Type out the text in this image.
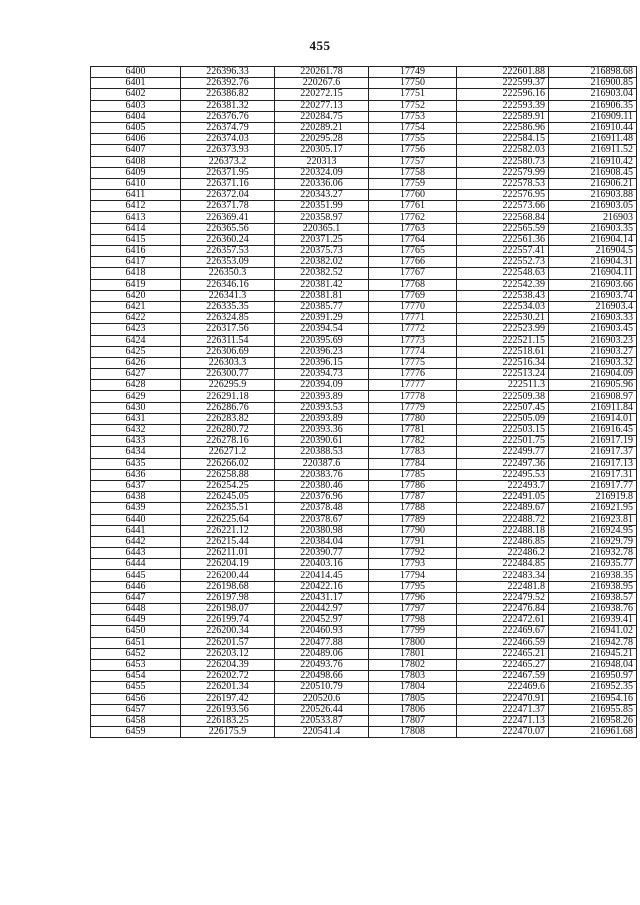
455
6400	226396.33	220261.78	17749	222601.88	216898.68
6401	226392.76	220267.6	17750	222599.37	216900.85
6402	226386.82	220272.15	17751	222596.16	216903.04
6403	226381.32	220277.13	17752	222593.39	216906.35
6404	226376.76	220284.75	17753	222589.91	216909.11
6405	226374.79	220289.21	17754	222586.96	216910.44
6406	226374.03	220295.28	17755	222584.15	216911.48
6407	226373.93	220305.17	17756	222582.03	216911.52
6408	226373.2	220313	17757	222580.73	216910.42
6409	226371.95	220324.09	17758	222579.99	216908.45
6410	226371.16	220336.06	17759	222578.53	216906.21
6411	226372.04	220343.27	17760	222576.95	216903.88
6412	226371.78	220351.99	17761	222573.66	216903.05
6413	226369.41	220358.97	17762	222568.84	216903
6414	226365.56	220365.1	17763	222565.59	216903.35
6415	226360.24	220371.25	17764	222561.36	216904.14
6416	226357.53	220375.73	17765	222557.41	216904.5
6417	226353.09	220382.02	17766	222552.73	216904.31
6418	226350.3	220382.52	17767	222548.63	216904.11
6419	226346.16	220381.42	17768	222542.39	216903.66
6420	226341.3	220381.81	17769	222538.43	216903.74
6421	226335.35	220385.77	17770	222534.03	216903.4
6422	226324.85	220391.29	17771	222530.21	216903.33
6423	226317.56	220394.54	17772	222523.99	216903.45
6424	226311.54	220395.69	17773	222521.15	216903.23
6425	226306.69	220396.23	17774	222518.61	216903.27
6426	226303.3	220396.15	17775	222516.34	216903.32
6427	226300.77	220394.73	17776	222513.24	216904.09
6428	226295.9	220394.09	17777	222511.3	216905.96
6429	226291.18	220393.89	17778	222509.38	216908.97
6430	226286.76	220393.53	17779	222507.45	216911.84
6431	226283.82	220393.89	17780	222505.09	216914.01
6432	226280.72	220393.36	17781	222503.15	216916.45
6433	226278.16	220390.61	17782	222501.75	216917.19
6434	226271.2	220388.53	17783	222499.77	216917.37
6435	226266.02	220387.6	17784	222497.36	216917.13
6436	226258.88	220383.76	17785	222495.53	216917.31
6437	226254.25	220380.46	17786	222493.7	216917.77
6438	226245.05	220376.96	17787	222491.05	216919.8
6439	226235.51	220378.48	17788	222489.67	216921.95
6440	226225.64	220378.67	17789	222488.72	216923.81
6441	226221.12	220380.98	17790	222488.18	216924.95
6442	226215.44	220384.04	17791	222486.85	216929.79
6443	226211.01	220390.77	17792	222486.2	216932.78
6444	226204.19	220403.16	17793	222484.85	216935.77
6445	226200.44	220414.45	17794	222483.34	216938.35
6446	226198.68	220422.16	17795	222481.8	216938.95
6447	226197.98	220431.17	17796	222479.52	216938.57
6448	226198.07	220442.97	17797	222476.84	216938.76
6449	226199.74	220452.97	17798	222472.61	216939.41
6450	226200.34	220460.93	17799	222469.67	216941.02
6451	226201.57	220477.88	17800	222466.59	216942.78
6452	226203.12	220489.06	17801	222465.21	216945.21
6453	226204.39	220493.76	17802	222465.27	216948.04
6454	226202.72	220498.66	17803	222467.59	216950.97
6455	226201.34	220510.79	17804	222469.6	216952.35
6456	226197.42	220520.6	17805	222470.91	216954.16
6457	226193.56	220526.44	17806	222471.37	216955.85
6458	226183.25	220533.87	17807	222471.13	216958.26
6459	226175.9	220541.4	17808	222470.07	216961.68
